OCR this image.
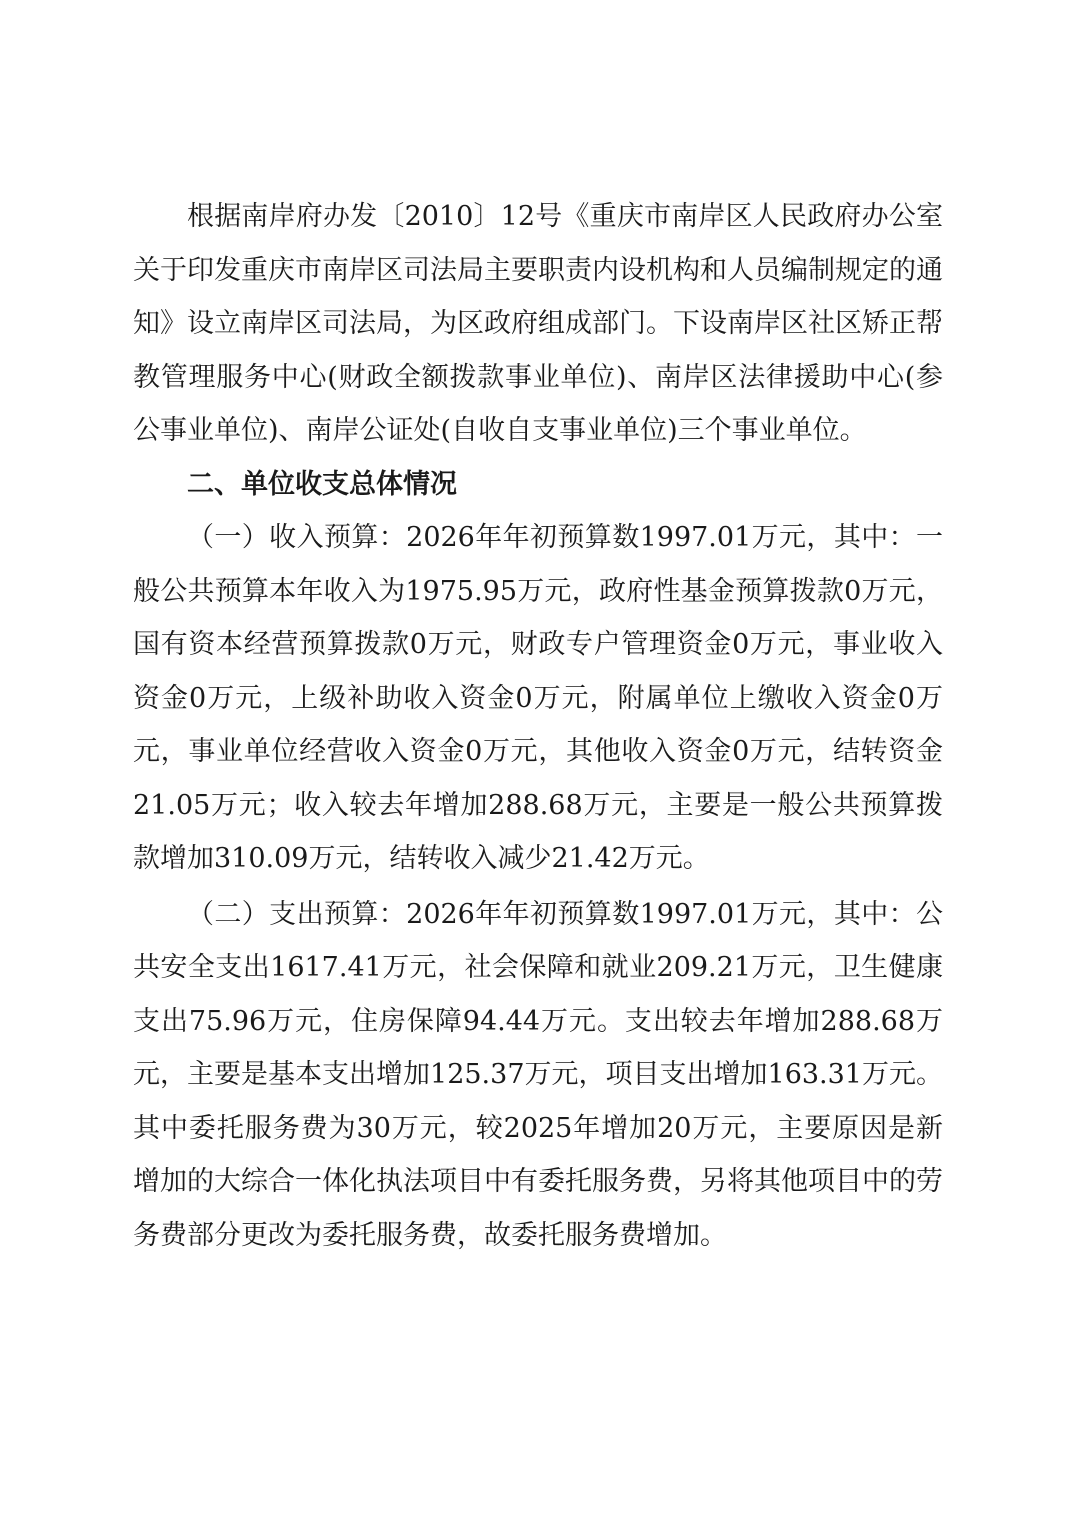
根据南岸府办发〔2010〕12号《重庆市南岸区人民政府办公室关于印发重庆市南岸区司法局主要职责内设机构和人员编制规定的通知》设立南岸区司法局，为区政府组成部门。下设南岸区社区矫正帮教管理服务中心(财政全额拨款事业单位)、南岸区法律援助中心(参公事业单位)、南岸公证处(自收自支事业单位)三个事业单位。

二、单位收支总体情况

（一）收入预算：2026年年初预算数1997.01万元，其中：一般公共预算本年收入为1975.95万元，政府性基金预算拨款0万元，国有资本经营预算拨款0万元，财政专户管理资金0万元，事业收入资金0万元，上级补助收入资金0万元，附属单位上缴收入资金0万元，事业单位经营收入资金0万元，其他收入资金0万元，结转资金21.05万元；收入较去年增加288.68万元，主要是一般公共预算拨款增加310.09万元，结转收入减少21.42万元。

（二）支出预算：2026年年初预算数1997.01万元，其中：公共安全支出1617.41万元，社会保障和就业209.21万元，卫生健康支出75.96万元，住房保障94.44万元。支出较去年增加288.68万元，主要是基本支出增加125.37万元，项目支出增加163.31万元。其中委托服务费为30万元，较2025年增加20万元，主要原因是新增加的大综合一体化执法项目中有委托服务费，另将其他项目中的劳务费部分更改为委托服务费，故委托服务费增加。
